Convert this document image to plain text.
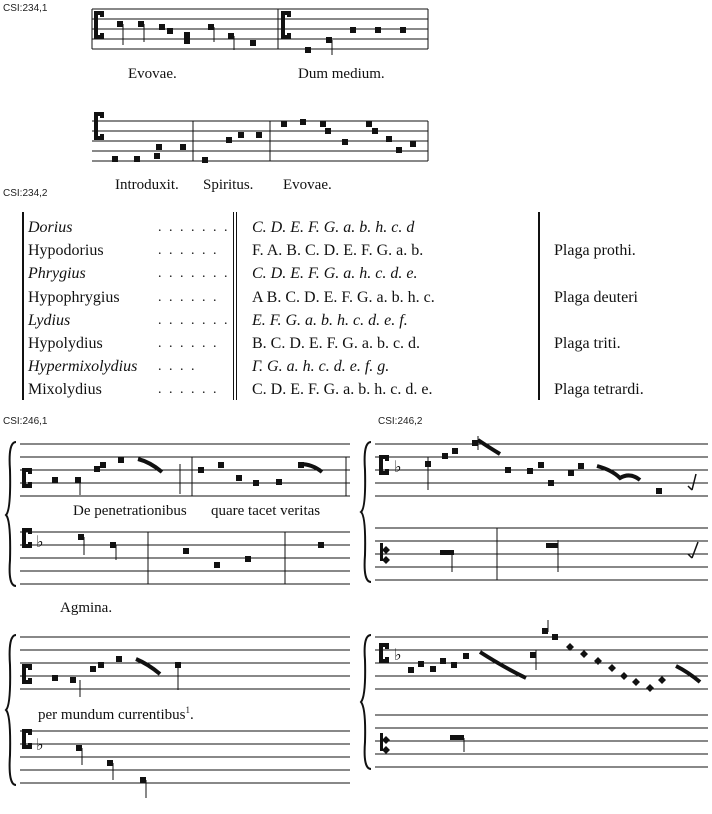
CSI:234,1
CSI:234,2
CSI:246,1	CSI:246,2
♭
♭
♭
♭
Evovae.	Dum medium.
Introduxit. Spiritus. Evovae.
De penetrationibus quare tacet veritas
Agmina.
per mundum currentibus$^1$.
Dorius	. . . . . . .	C. D. E. F. G. a. b. h. c. d	
Hypodorius	. . . . . .	F. A. B. C. D. E. F. G. a. b.	Plaga prothi.
Phrygius	. . . . . . .	C. D. E. F. G. a. h. c. d. e.	
Hypophrygius	. . . . . .	A B. C. D. E. F. G. a. b. h. c.	Plaga deuteri
Lydius	. . . . . . .	E. F. G. a. b. h. c. d. e. f.	
Hypolydius	. . . . . .	B. C. D. E. F. G. a. b. c. d.	Plaga triti.
Hypermixolydius	. . . .	Γ. G. a. h. c. d. e. f. g.	
Mixolydius	. . . . . .	C. D. E. F. G. a. b. h. c. d. e.	Plaga tetrardi.
